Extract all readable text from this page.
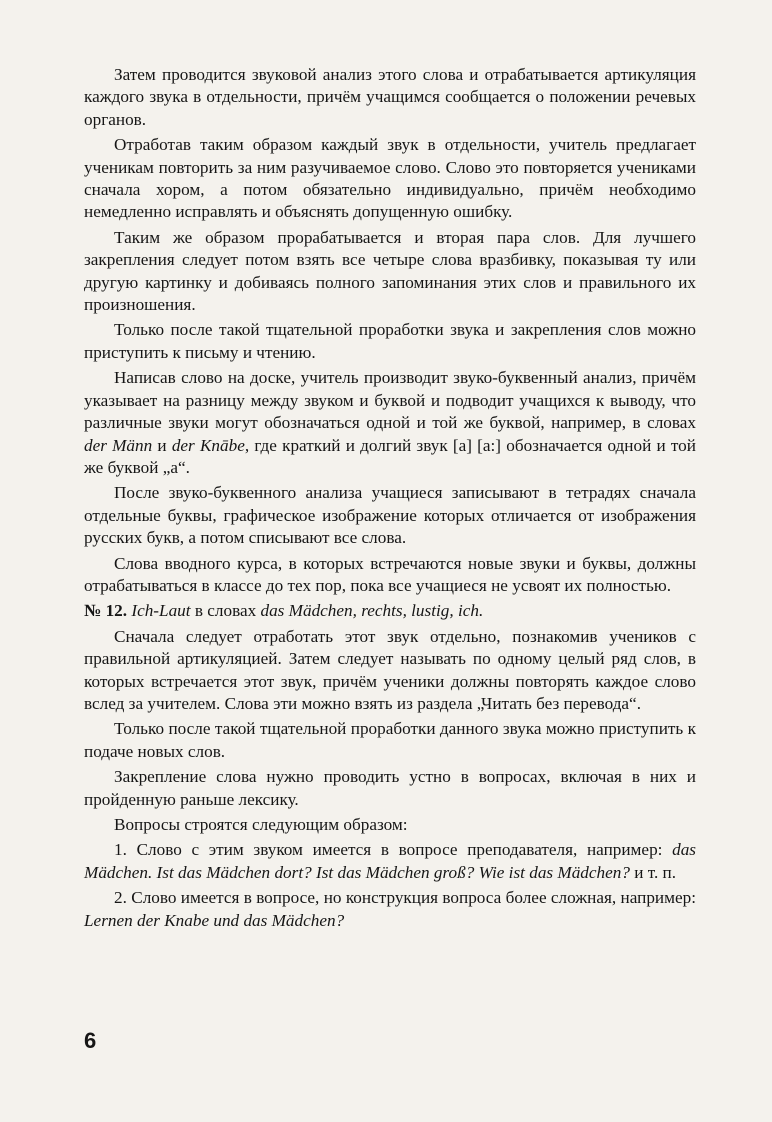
Затем проводится звуковой анализ этого слова и отрабатывается артикуляция каждого звука в отдельности, причём учащимся сообщается о положении речевых органов.

Отработав таким образом каждый звук в отдельности, учитель предлагает ученикам повторить за ним разучиваемое слово. Слово это повторяется учениками сначала хором, а потом обязательно индивидуально, причём необходимо немедленно исправлять и объяснять допущенную ошибку.

Таким же образом прорабатывается и вторая пара слов. Для лучшего закрепления следует потом взять все четыре слова вразбивку, показывая ту или другую картинку и добиваясь полного запоминания этих слов и правильного их произношения.

Только после такой тщательной проработки звука и закрепления слов можно приступить к письму и чтению.

Написав слово на доске, учитель производит звуко-буквенный анализ, причём указывает на разницу между звуком и буквой и подводит учащихся к выводу, что различные звуки могут обозначаться одной и той же буквой, например, в словах der Männ и der Knābe, где краткий и долгий звук [a] [a:] обозначается одной и той же буквой „a“.

После звуко-буквенного анализа учащиеся записывают в тетрадях сначала отдельные буквы, графическое изображение которых отличается от изображения русских букв, а потом списывают все слова.

Слова вводного курса, в которых встречаются новые звуки и буквы, должны отрабатываться в классе до тех пор, пока все учащиеся не усвоят их полностью.

№ 12. Ich-Laut в словах das Mädchen, rechts, lustig, ich.

Сначала следует отработать этот звук отдельно, познакомив учеников с правильной артикуляцией. Затем следует называть по одному целый ряд слов, в которых встречается этот звук, причём ученики должны повторять каждое слово вслед за учителем. Слова эти можно взять из раздела „Читать без перевода“.

Только после такой тщательной проработки данного звука можно приступить к подаче новых слов.

Закрепление слова нужно проводить устно в вопросах, включая в них и пройденную раньше лексику.

Вопросы строятся следующим образом:

1. Слово с этим звуком имеется в вопросе преподавателя, например: das Mädchen. Ist das Mädchen dort? Ist das Mädchen groß? Wie ist das Mädchen? и т. п.

2. Слово имеется в вопросе, но конструкция вопроса более сложная, например: Lernen der Knabe und das Mädchen?

6
